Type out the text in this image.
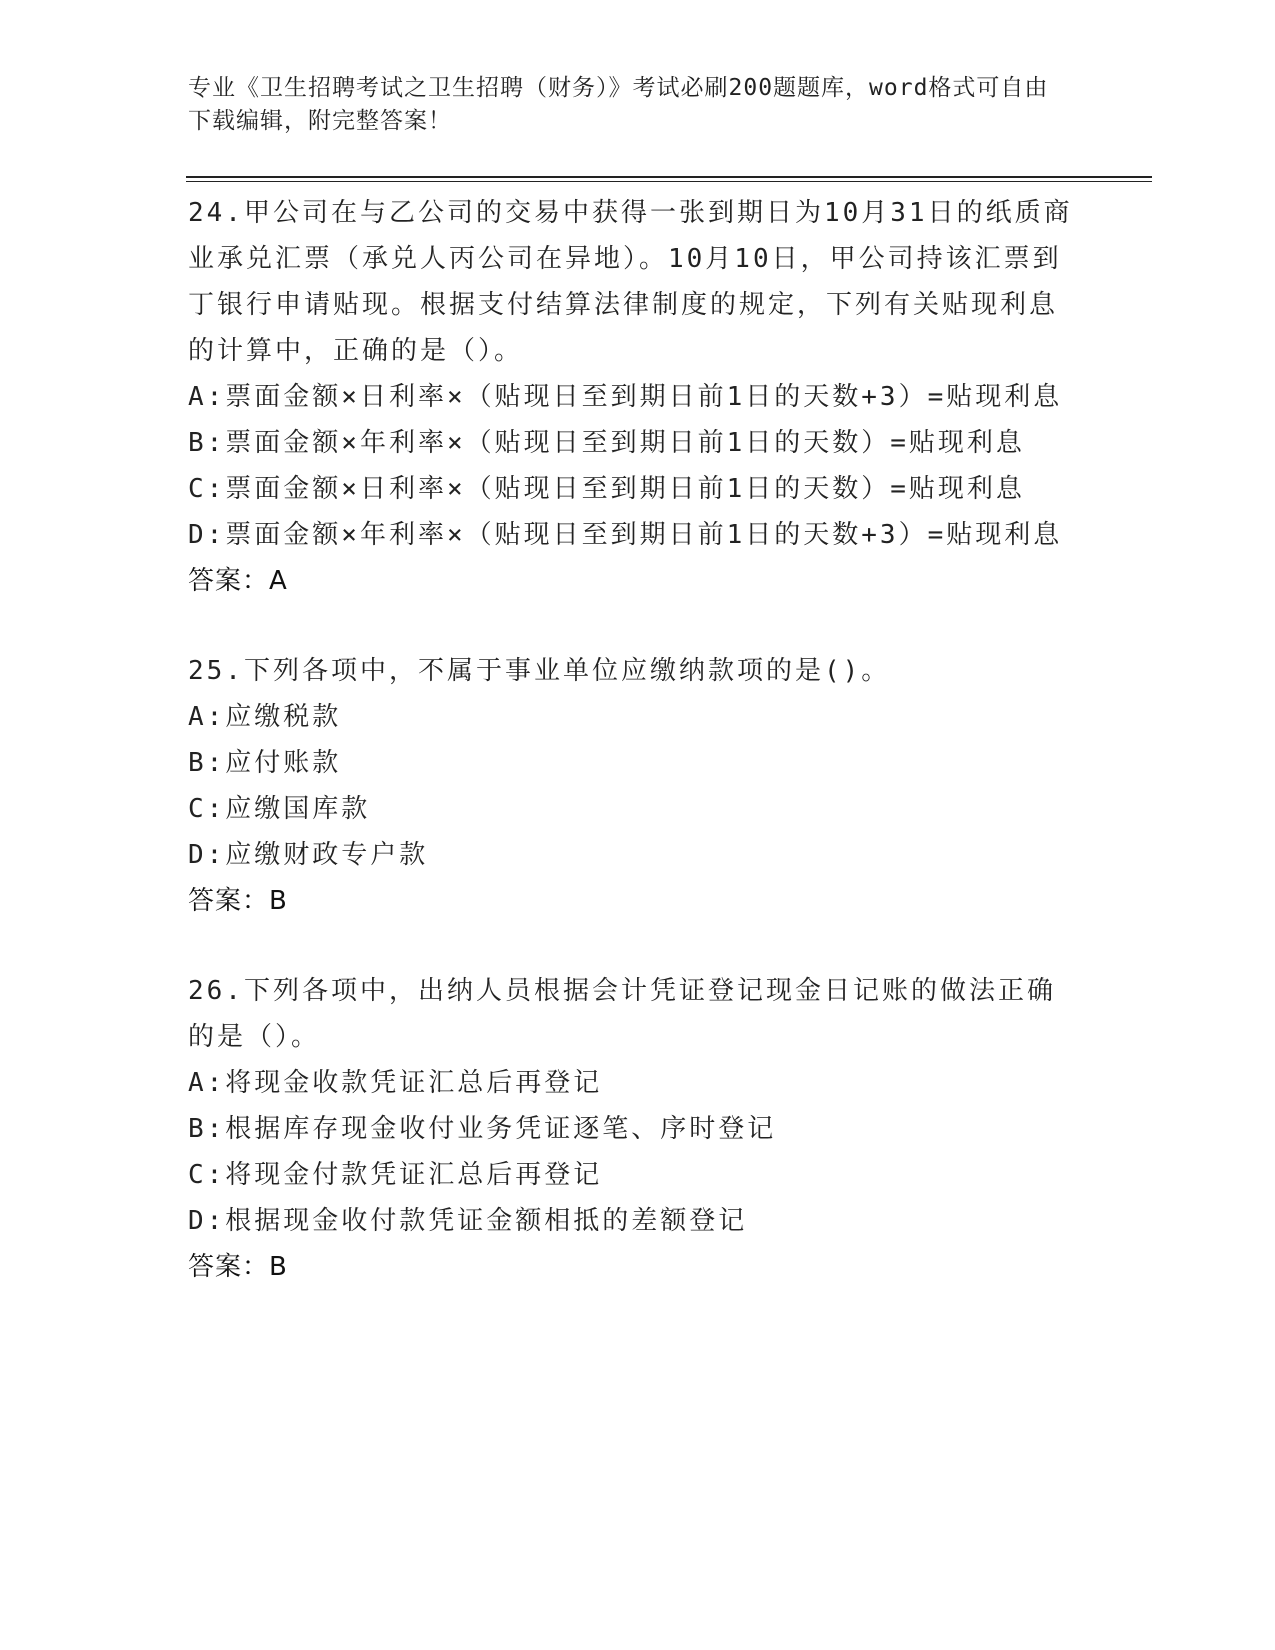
专业《卫生招聘考试之卫生招聘（财务）》考试必刷200题题库，word格式可自由下载编辑，附完整答案！
24.甲公司在与乙公司的交易中获得一张到期日为10月31日的纸质商业承兑汇票（承兑人丙公司在异地）。10月10日，甲公司持该汇票到丁银行申请贴现。根据支付结算法律制度的规定，下列有关贴现利息的计算中，正确的是（）。
A:票面金额×日利率×（贴现日至到期日前1日的天数+3）=贴现利息
B:票面金额×年利率×（贴现日至到期日前1日的天数）=贴现利息
C:票面金额×日利率×（贴现日至到期日前1日的天数）=贴现利息
D:票面金额×年利率×（贴现日至到期日前1日的天数+3）=贴现利息
答案：A
25.下列各项中，不属于事业单位应缴纳款项的是()。
A:应缴税款
B:应付账款
C:应缴国库款
D:应缴财政专户款
答案：B
26.下列各项中，出纳人员根据会计凭证登记现金日记账的做法正确的是（）。
A:将现金收款凭证汇总后再登记
B:根据库存现金收付业务凭证逐笔、序时登记
C:将现金付款凭证汇总后再登记
D:根据现金收付款凭证金额相抵的差额登记
答案：B
